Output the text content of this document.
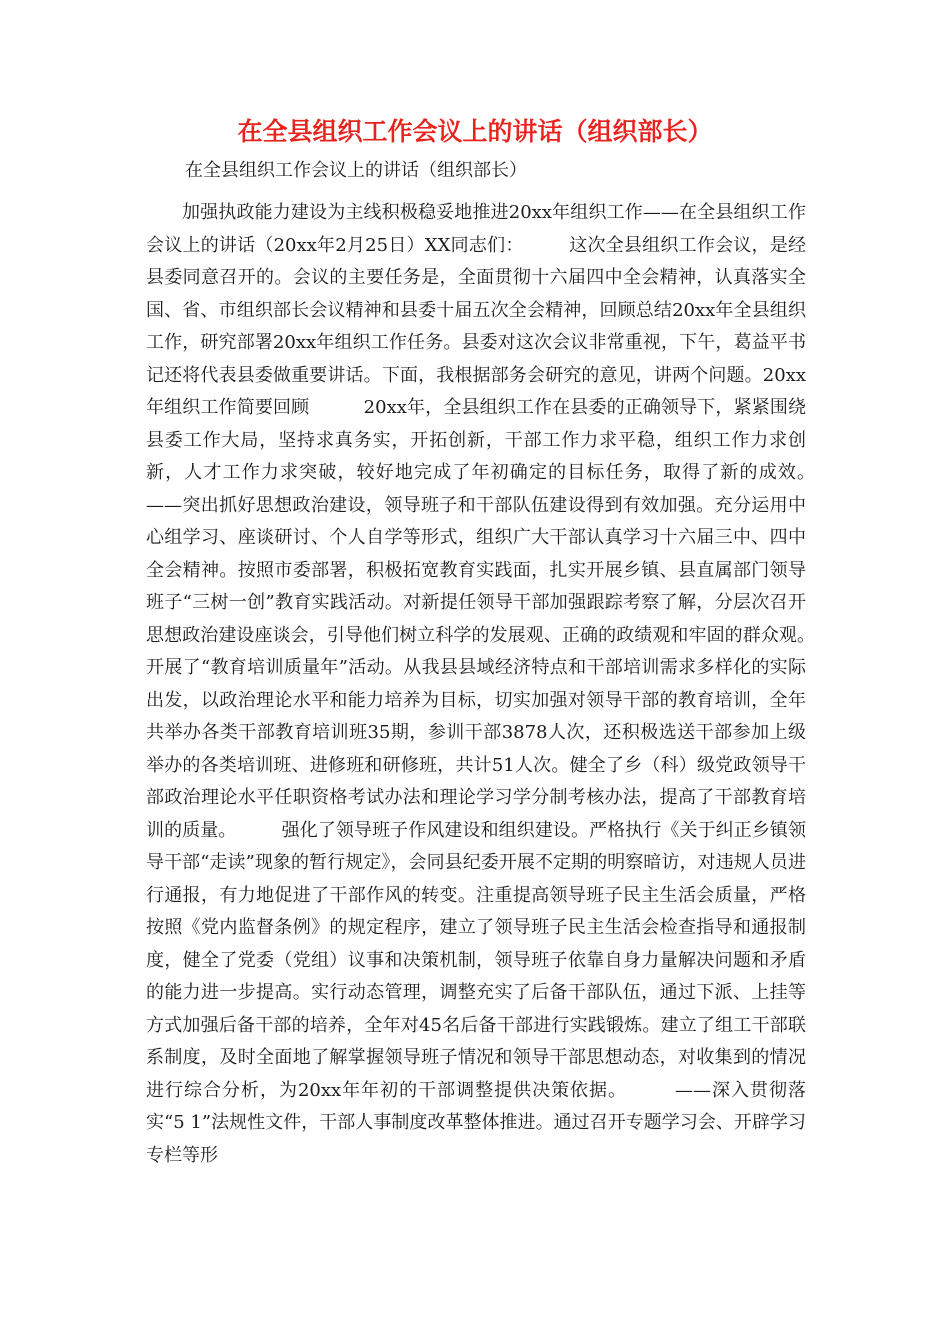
在全县组织工作会议上的讲话（组织部长）
在全县组织工作会议上的讲话（组织部长）

加强执政能力建设为主线积极稳妥地推进20xx年组织工作——在全县组织工作会议上的讲话（20xx年2月25日）XX同志们：　　　这次全县组织工作会议，是经县委同意召开的。会议的主要任务是，全面贯彻十六届四中全会精神，认真落实全国、省、市组织部长会议精神和县委十届五次全会精神，回顾总结20xx年全县组织工作，研究部署20xx年组织工作任务。县委对这次会议非常重视，下午，葛益平书记还将代表县委做重要讲话。下面，我根据部务会研究的意见，讲两个问题。20xx年组织工作简要回顾　　　20xx年，全县组织工作在县委的正确领导下，紧紧围绕县委工作大局，坚持求真务实，开拓创新，干部工作力求平稳，组织工作力求创新，人才工作力求突破，较好地完成了年初确定的目标任务，取得了新的成效。　　　——突出抓好思想政治建设，领导班子和干部队伍建设得到有效加强。充分运用中心组学习、座谈研讨、个人自学等形式，组织广大干部认真学习十六届三中、四中全会精神。按照市委部署，积极拓宽教育实践面，扎实开展乡镇、县直属部门领导班子“三树一创”教育实践活动。对新提任领导干部加强跟踪考察了解，分层次召开思想政治建设座谈会，引导他们树立科学的发展观、正确的政绩观和牢固的群众观。　　　开展了“教育培训质量年”活动。从我县县域经济特点和干部培训需求多样化的实际出发，以政治理论水平和能力培养为目标，切实加强对领导干部的教育培训，全年共举办各类干部教育培训班35期，参训干部3878人次，还积极选送干部参加上级举办的各类培训班、进修班和研修班，共计51人次。健全了乡（科）级党政领导干部政治理论水平任职资格考试办法和理论学习学分制考核办法，提高了干部教育培训的质量。　　　强化了领导班子作风建设和组织建设。严格执行《关于纠正乡镇领导干部“走读”现象的暂行规定》，会同县纪委开展不定期的明察暗访，对违规人员进行通报，有力地促进了干部作风的转变。注重提高领导班子民主生活会质量，严格按照《党内监督条例》的规定程序，建立了领导班子民主生活会检查指导和通报制度，健全了党委（党组）议事和决策机制，领导班子依靠自身力量解决问题和矛盾的能力进一步提高。实行动态管理，调整充实了后备干部队伍，通过下派、上挂等方式加强后备干部的培养，全年对45名后备干部进行实践锻炼。建立了组工干部联系制度，及时全面地了解掌握领导班子情况和领导干部思想动态，对收集到的情况进行综合分析，为20xx年年初的干部调整提供决策依据。　　　——深入贯彻落实“5 1”法规性文件，干部人事制度改革整体推进。通过召开专题学习会、开辟学习专栏等形
